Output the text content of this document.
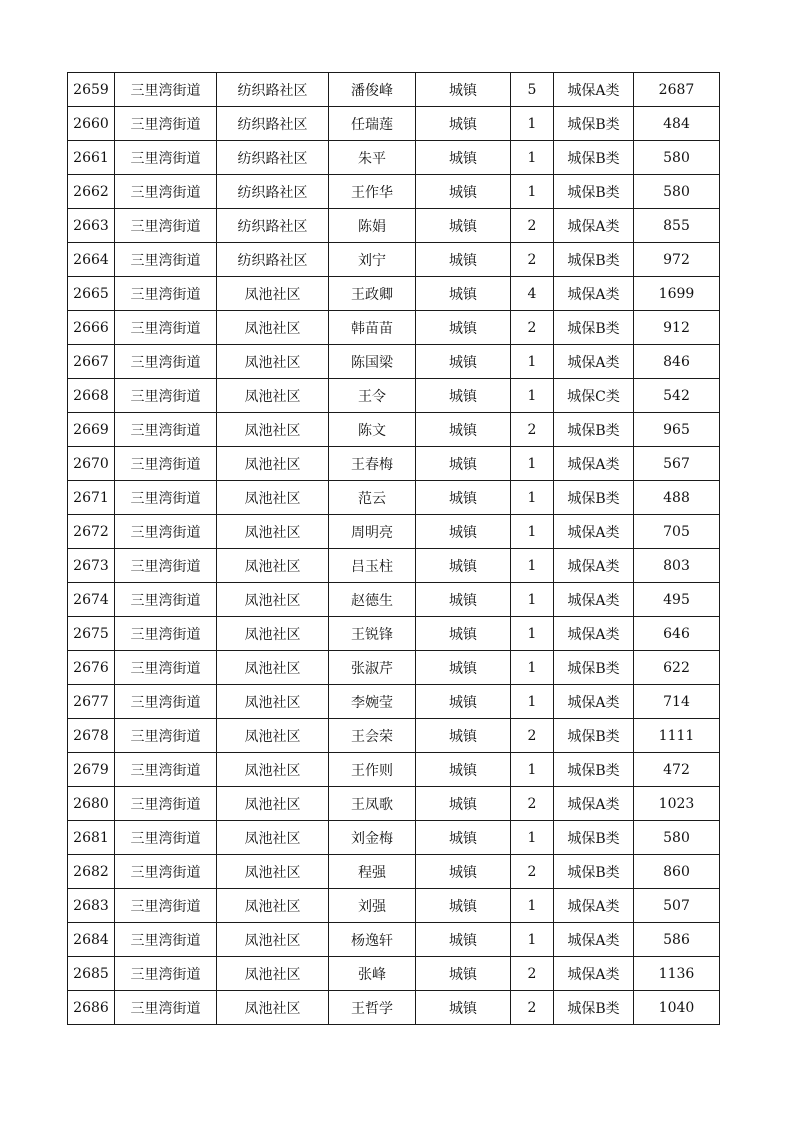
2659	三里湾街道	纺织路社区	潘俊峰	城镇	5	城保A类	2687
2660	三里湾街道	纺织路社区	任瑞莲	城镇	1	城保B类	484
2661	三里湾街道	纺织路社区	朱平	城镇	1	城保B类	580
2662	三里湾街道	纺织路社区	王作华	城镇	1	城保B类	580
2663	三里湾街道	纺织路社区	陈娟	城镇	2	城保A类	855
2664	三里湾街道	纺织路社区	刘宁	城镇	2	城保B类	972
2665	三里湾街道	凤池社区	王政卿	城镇	4	城保A类	1699
2666	三里湾街道	凤池社区	韩苗苗	城镇	2	城保B类	912
2667	三里湾街道	凤池社区	陈国梁	城镇	1	城保A类	846
2668	三里湾街道	凤池社区	王令	城镇	1	城保C类	542
2669	三里湾街道	凤池社区	陈文	城镇	2	城保B类	965
2670	三里湾街道	凤池社区	王春梅	城镇	1	城保A类	567
2671	三里湾街道	凤池社区	范云	城镇	1	城保B类	488
2672	三里湾街道	凤池社区	周明亮	城镇	1	城保A类	705
2673	三里湾街道	凤池社区	吕玉柱	城镇	1	城保A类	803
2674	三里湾街道	凤池社区	赵德生	城镇	1	城保A类	495
2675	三里湾街道	凤池社区	王锐锋	城镇	1	城保A类	646
2676	三里湾街道	凤池社区	张淑芹	城镇	1	城保B类	622
2677	三里湾街道	凤池社区	李婉莹	城镇	1	城保A类	714
2678	三里湾街道	凤池社区	王会荣	城镇	2	城保B类	1111
2679	三里湾街道	凤池社区	王作则	城镇	1	城保B类	472
2680	三里湾街道	凤池社区	王凤歌	城镇	2	城保A类	1023
2681	三里湾街道	凤池社区	刘金梅	城镇	1	城保B类	580
2682	三里湾街道	凤池社区	程强	城镇	2	城保B类	860
2683	三里湾街道	凤池社区	刘强	城镇	1	城保A类	507
2684	三里湾街道	凤池社区	杨逸轩	城镇	1	城保A类	586
2685	三里湾街道	凤池社区	张峰	城镇	2	城保A类	1136
2686	三里湾街道	凤池社区	王哲学	城镇	2	城保B类	1040
